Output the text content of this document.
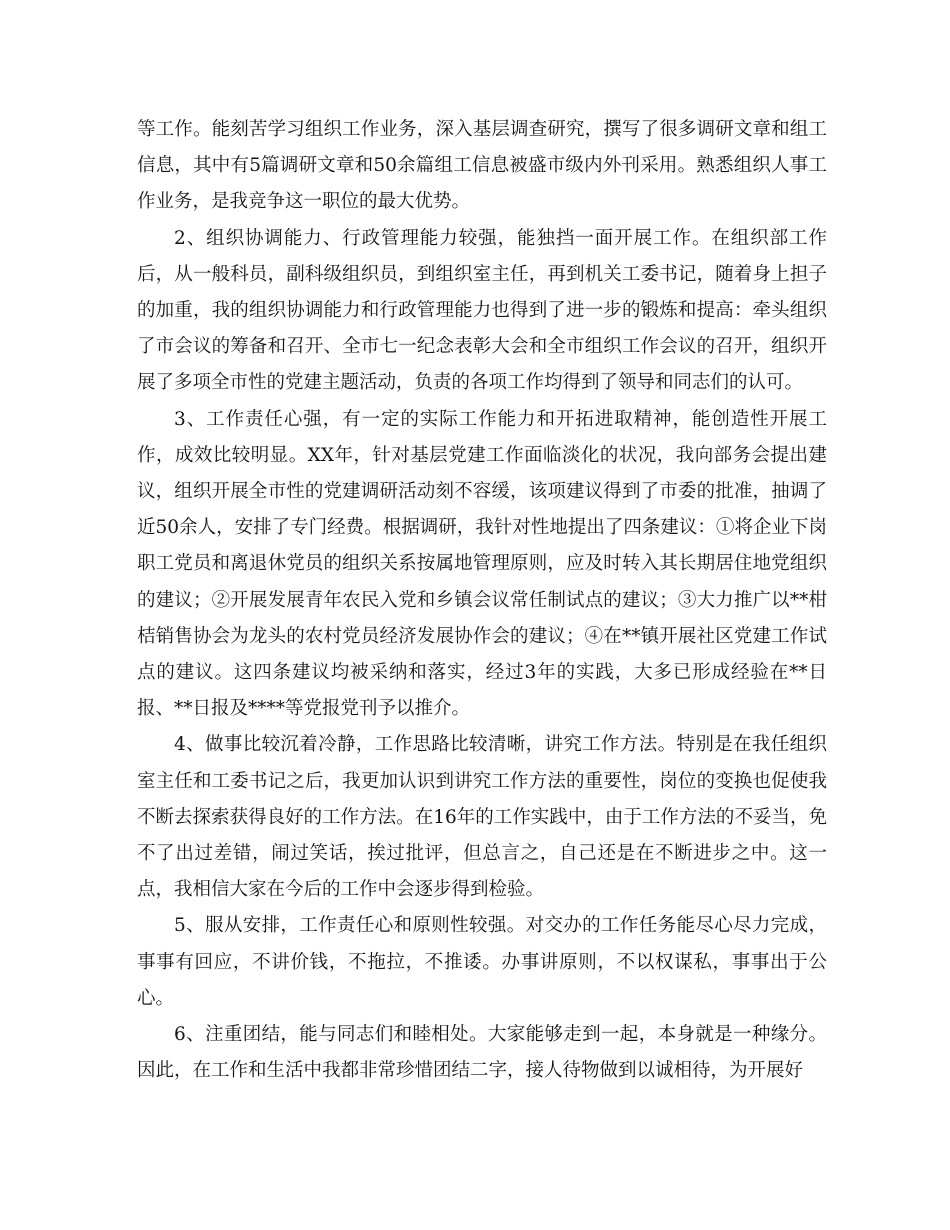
等工作。能刻苦学习组织工作业务，深入基层调查研究，撰写了很多调研文章和组工信息，其中有5篇调研文章和50余篇组工信息被盛市级内外刊采用。熟悉组织人事工作业务，是我竞争这一职位的最大优势。

2、组织协调能力、行政管理能力较强，能独挡一面开展工作。在组织部工作后，从一般科员，副科级组织员，到组织室主任，再到机关工委书记，随着身上担子的加重，我的组织协调能力和行政管理能力也得到了进一步的锻炼和提高：牵头组织了市会议的筹备和召开、全市七一纪念表彰大会和全市组织工作会议的召开，组织开展了多项全市性的党建主题活动，负责的各项工作均得到了领导和同志们的认可。

3、工作责任心强，有一定的实际工作能力和开拓进取精神，能创造性开展工作，成效比较明显。XX年，针对基层党建工作面临淡化的状况，我向部务会提出建议，组织开展全市性的党建调研活动刻不容缓，该项建议得到了市委的批准，抽调了近50余人，安排了专门经费。根据调研，我针对性地提出了四条建议：①将企业下岗职工党员和离退休党员的组织关系按属地管理原则，应及时转入其长期居住地党组织的建议；②开展发展青年农民入党和乡镇会议常任制试点的建议；③大力推广以**柑桔销售协会为龙头的农村党员经济发展协作会的建议；④在**镇开展社区党建工作试点的建议。这四条建议均被采纳和落实，经过3年的实践，大多已形成经验在**日报、**日报及****等党报党刊予以推介。

4、做事比较沉着冷静，工作思路比较清晰，讲究工作方法。特别是在我任组织室主任和工委书记之后，我更加认识到讲究工作方法的重要性，岗位的变换也促使我不断去探索获得良好的工作方法。在16年的工作实践中，由于工作方法的不妥当，免不了出过差错，闹过笑话，挨过批评，但总言之，自己还是在不断进步之中。这一点，我相信大家在今后的工作中会逐步得到检验。

5、服从安排，工作责任心和原则性较强。对交办的工作任务能尽心尽力完成，事事有回应，不讲价钱，不拖拉，不推诿。办事讲原则，不以权谋私，事事出于公心。

6、注重团结，能与同志们和睦相处。大家能够走到一起，本身就是一种缘分。因此，在工作和生活中我都非常珍惜团结二字，接人待物做到以诚相待，为开展好
